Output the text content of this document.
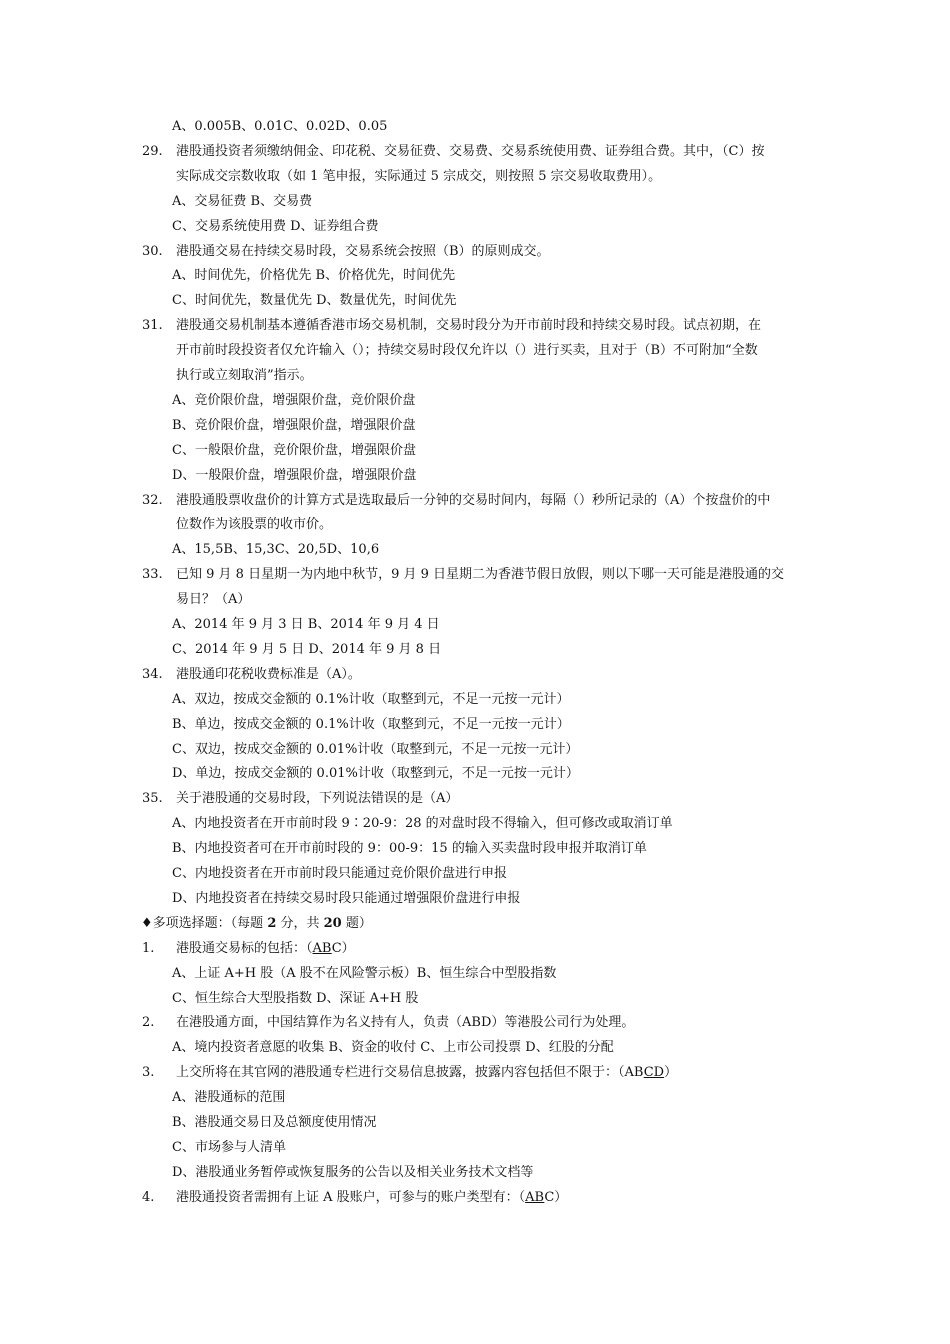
A、0.005B、0.01C、0.02D、0.05
29. 港股通投资者须缴纳佣金、印花税、交易征费、交易费、交易系统使用费、证券组合费。其中，（C）按
实际成交宗数收取（如 1 笔申报，实际通过 5 宗成交，则按照 5 宗交易收取费用）。
A、交易征费 B、交易费
C、交易系统使用费 D、证券组合费
30. 港股通交易在持续交易时段，交易系统会按照（B）的原则成交。
A、时间优先，价格优先 B、价格优先，时间优先
C、时间优先，数量优先 D、数量优先，时间优先
31. 港股通交易机制基本遵循香港市场交易机制，交易时段分为开市前时段和持续交易时段。试点初期，在
开市前时段投资者仅允许输入（）；持续交易时段仅允许以（）进行买卖，且对于（B）不可附加“全数
执行或立刻取消”指示。
A、竞价限价盘，增强限价盘，竞价限价盘
B、竞价限价盘，增强限价盘，增强限价盘
C、一般限价盘，竞价限价盘，增强限价盘
D、一般限价盘，增强限价盘，增强限价盘
32. 港股通股票收盘价的计算方式是选取最后一分钟的交易时间内，每隔（）秒所记录的（A）个按盘价的中
位数作为该股票的收市价。
A、15,5B、15,3C、20,5D、10,6
33. 已知 9 月 8 日星期一为内地中秋节，9 月 9 日星期二为香港节假日放假，则以下哪一天可能是港股通的交
易日？（A）
A、2014 年 9 月 3 日 B、2014 年 9 月 4 日
C、2014 年 9 月 5 日 D、2014 年 9 月 8 日
34. 港股通印花税收费标准是（A）。
A、双边，按成交金额的 0.1%计收（取整到元，不足一元按一元计）
B、单边，按成交金额的 0.1%计收（取整到元，不足一元按一元计）
C、双边，按成交金额的 0.01%计收（取整到元，不足一元按一元计）
D、单边，按成交金额的 0.01%计收（取整到元，不足一元按一元计）
35. 关于港股通的交易时段，下列说法错误的是（A）
A、内地投资者在开市前时段 9∶20-9：28 的对盘时段不得输入，但可修改或取消订单
B、内地投资者可在开市前时段的 9：00-9：15 的输入买卖盘时段申报并取消订单
C、内地投资者在开市前时段只能通过竞价限价盘进行申报
D、内地投资者在持续交易时段只能通过增强限价盘进行申报
♦多项选择题：（每题 2 分，共 20 题）
1. 港股通交易标的包括：（ABC）
A、上证 A+H 股（A 股不在风险警示板）B、恒生综合中型股指数
C、恒生综合大型股指数 D、深证 A+H 股
2. 在港股通方面，中国结算作为名义持有人，负责（ABD）等港股公司行为处理。
A、境内投资者意愿的收集 B、资金的收付 C、上市公司投票 D、红股的分配
3. 上交所将在其官网的港股通专栏进行交易信息披露，披露内容包括但不限于：（ABCD）
A、港股通标的范围
B、港股通交易日及总额度使用情况
C、市场参与人清单
D、港股通业务暂停或恢复服务的公告以及相关业务技术文档等
4. 港股通投资者需拥有上证 A 股账户，可参与的账户类型有：（ABC）
